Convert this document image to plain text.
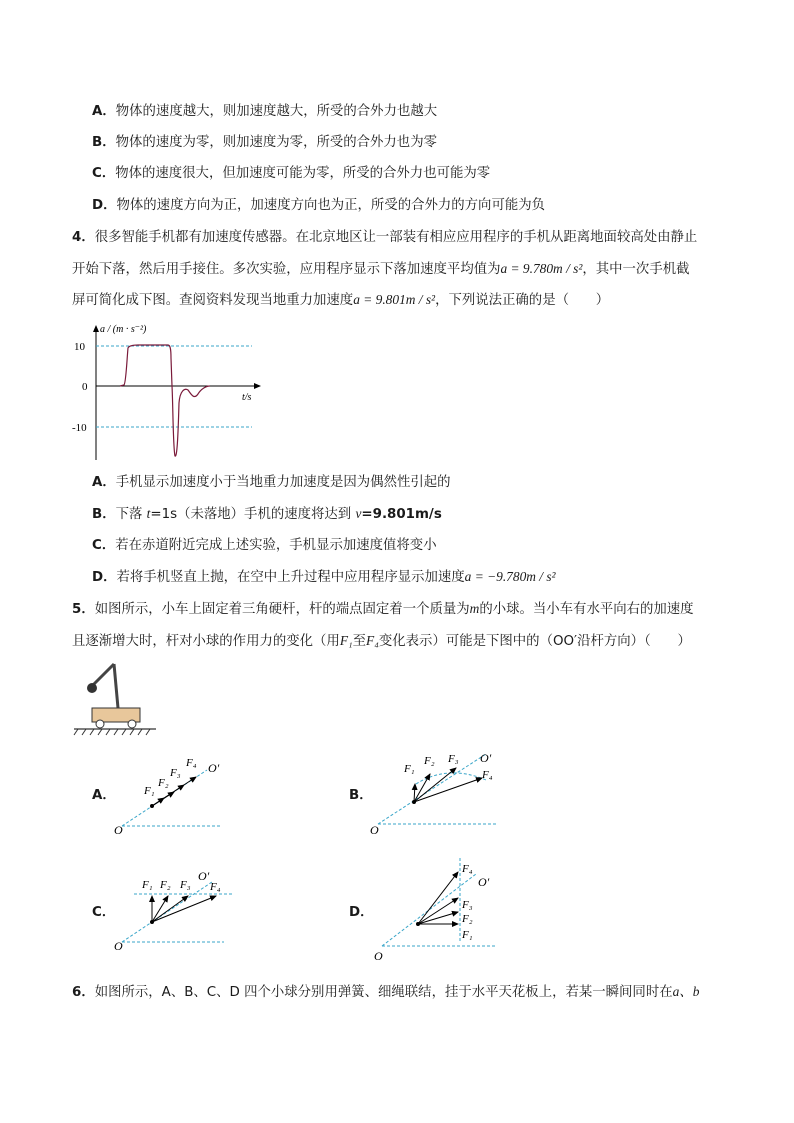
A．物体的速度越大，则加速度越大，所受的合外力也越大
B．物体的速度为零，则加速度为零，所受的合外力也为零
C．物体的速度很大，但加速度可能为零，所受的合外力也可能为零
D．物体的速度方向为正，加速度方向也为正，所受的合外力的方向可能为负
4．很多智能手机都有加速度传感器。在北京地区让一部装有相应应用程序的手机从距离地面较高处由静止
开始下落，然后用手接住。多次实验，应用程序显示下落加速度平均值为a = 9.780m / s²，其中一次手机截
屏可简化成下图。查阅资料发现当地重力加速度a = 9.801m / s²，下列说法正确的是（　　）
10
0
-10
a / (m · s⁻²)
t/s
A．手机显示加速度小于当地重力加速度是因为偶然性引起的
B．下落 t=1s（未落地）手机的速度将达到 v=9.801m/s
C．若在赤道附近完成上述实验，手机显示加速度值将变小
D．若将手机竖直上抛，在空中上升过程中应用程序显示加速度a = −9.780m / s²
5．如图所示，小车上固定着三角硬杆，杆的端点固定着一个质量为m的小球。当小车有水平向右的加速度
且逐渐增大时，杆对小球的作用力的变化（用F₁至F₄变化表示）可能是下图中的（OO′沿杆方向）（　　）
A．	F₁
F₂
F₃
F₄ O′
O
B．
F₁
F₂ F₃
F₄
O′
O
C．
F₁ F₂ F₃ F₄
O′
O
D．
F₁
F₂
F₃
F₄
O′
O
6．如图所示，A、B、C、D 四个小球分别用弹簧、细绳联结，挂于水平天花板上，若某一瞬间同时在a、b
